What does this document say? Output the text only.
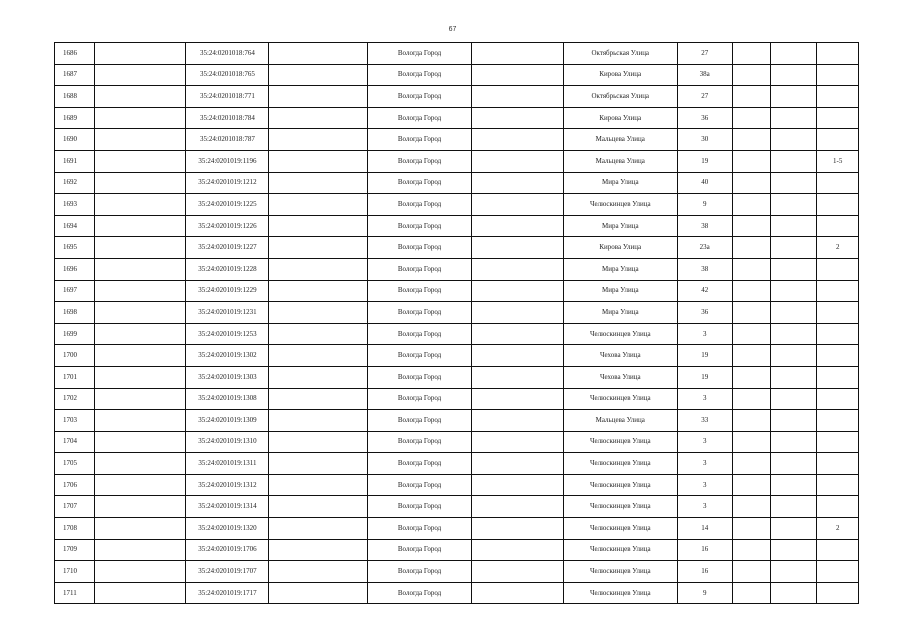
67
1686		35:24:0201018:764		Вологда Город		Октябрьская Улица	27			
1687		35:24:0201018:765		Вологда Город		Кирова Улица	38а			
1688		35:24:0201018:771		Вологда Город		Октябрьская Улица	27			
1689		35:24:0201018:784		Вологда Город		Кирова Улица	36			
1690		35:24:0201018:787		Вологда Город		Мальцева Улица	30			
1691		35:24:0201019:1196		Вологда Город		Мальцева Улица	19			1-5
1692		35:24:0201019:1212		Вологда Город		Мира Улица	40			
1693		35:24:0201019:1225		Вологда Город		Челюскинцев Улица	9			
1694		35:24:0201019:1226		Вологда Город		Мира Улица	38			
1695		35:24:0201019:1227		Вологда Город		Кирова Улица	23а			2
1696		35:24:0201019:1228		Вологда Город		Мира Улица	38			
1697		35:24:0201019:1229		Вологда Город		Мира Улица	42			
1698		35:24:0201019:1231		Вологда Город		Мира Улица	36			
1699		35:24:0201019:1253		Вологда Город		Челюскинцев Улица	3			
1700		35:24:0201019:1302		Вологда Город		Чехова Улица	19			
1701		35:24:0201019:1303		Вологда Город		Чехова Улица	19			
1702		35:24:0201019:1308		Вологда Город		Челюскинцев Улица	3			
1703		35:24:0201019:1309		Вологда Город		Мальцева Улица	33			
1704		35:24:0201019:1310		Вологда Город		Челюскинцев Улица	3			
1705		35:24:0201019:1311		Вологда Город		Челюскинцев Улица	3			
1706		35:24:0201019:1312		Вологда Город		Челюскинцев Улица	3			
1707		35:24:0201019:1314		Вологда Город		Челюскинцев Улица	3			
1708		35:24:0201019:1320		Вологда Город		Челюскинцев Улица	14			2
1709		35:24:0201019:1706		Вологда Город		Челюскинцев Улица	16			
1710		35:24:0201019:1707		Вологда Город		Челюскинцев Улица	16			
1711		35:24:0201019:1717		Вологда Город		Челюскинцев Улица	9			
